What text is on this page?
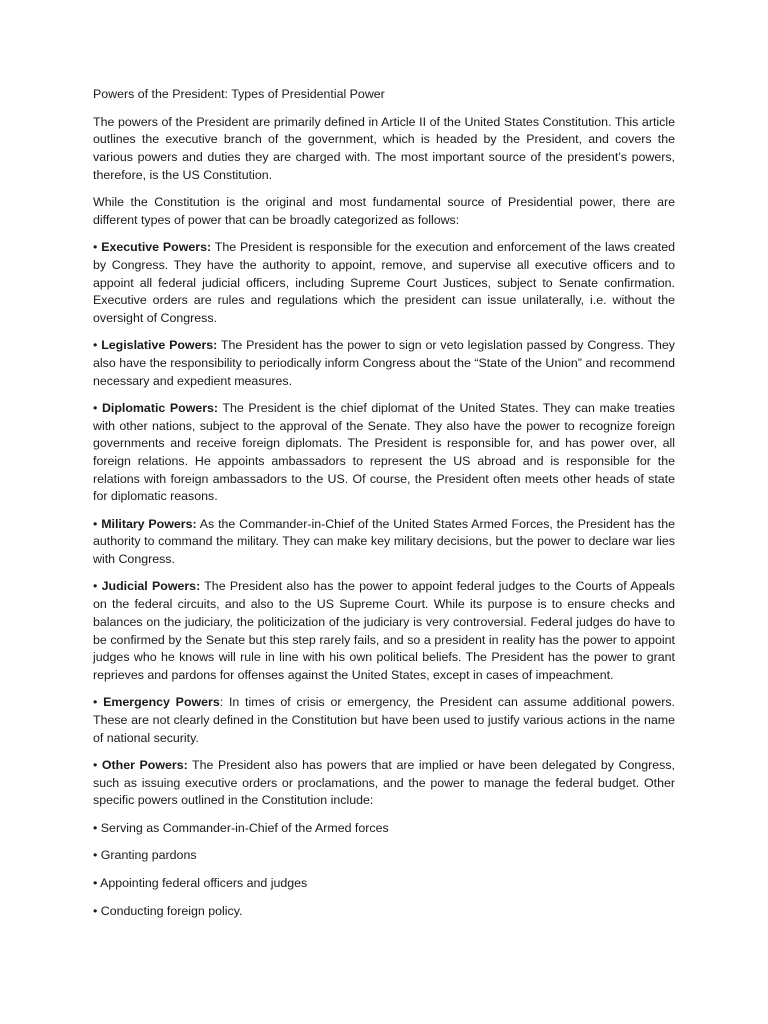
Powers of the President: Types of Presidential Power

The powers of the President are primarily defined in Article II of the United States Constitution. This article outlines the executive branch of the government, which is headed by the President, and covers the various powers and duties they are charged with. The most important source of the president’s powers, therefore, is the US Constitution.

While the Constitution is the original and most fundamental source of Presidential power, there are different types of power that can be broadly categorized as follows:

• Executive Powers: The President is responsible for the execution and enforcement of the laws created by Congress. They have the authority to appoint, remove, and supervise all executive officers and to appoint all federal judicial officers, including Supreme Court Justices, subject to Senate confirmation. Executive orders are rules and regulations which the president can issue unilaterally, i.e. without the oversight of Congress.

• Legislative Powers: The President has the power to sign or veto legislation passed by Congress. They also have the responsibility to periodically inform Congress about the “State of the Union” and recommend necessary and expedient measures.

• Diplomatic Powers: The President is the chief diplomat of the United States. They can make treaties with other nations, subject to the approval of the Senate. They also have the power to recognize foreign governments and receive foreign diplomats. The President is responsible for, and has power over, all foreign relations. He appoints ambassadors to represent the US abroad and is responsible for the relations with foreign ambassadors to the US. Of course, the President often meets other heads of state for diplomatic reasons.

• Military Powers: As the Commander-in-Chief of the United States Armed Forces, the President has the authority to command the military. They can make key military decisions, but the power to declare war lies with Congress.

• Judicial Powers: The President also has the power to appoint federal judges to the Courts of Appeals on the federal circuits, and also to the US Supreme Court. While its purpose is to ensure checks and balances on the judiciary, the politicization of the judiciary is very controversial. Federal judges do have to be confirmed by the Senate but this step rarely fails, and so a president in reality has the power to appoint judges who he knows will rule in line with his own political beliefs. The President has the power to grant reprieves and pardons for offenses against the United States, except in cases of impeachment.

• Emergency Powers: In times of crisis or emergency, the President can assume additional powers. These are not clearly defined in the Constitution but have been used to justify various actions in the name of national security.

• Other Powers: The President also has powers that are implied or have been delegated by Congress, such as issuing executive orders or proclamations, and the power to manage the federal budget. Other specific powers outlined in the Constitution include:

• Serving as Commander-in-Chief of the Armed forces

• Granting pardons

• Appointing federal officers and judges

• Conducting foreign policy.
